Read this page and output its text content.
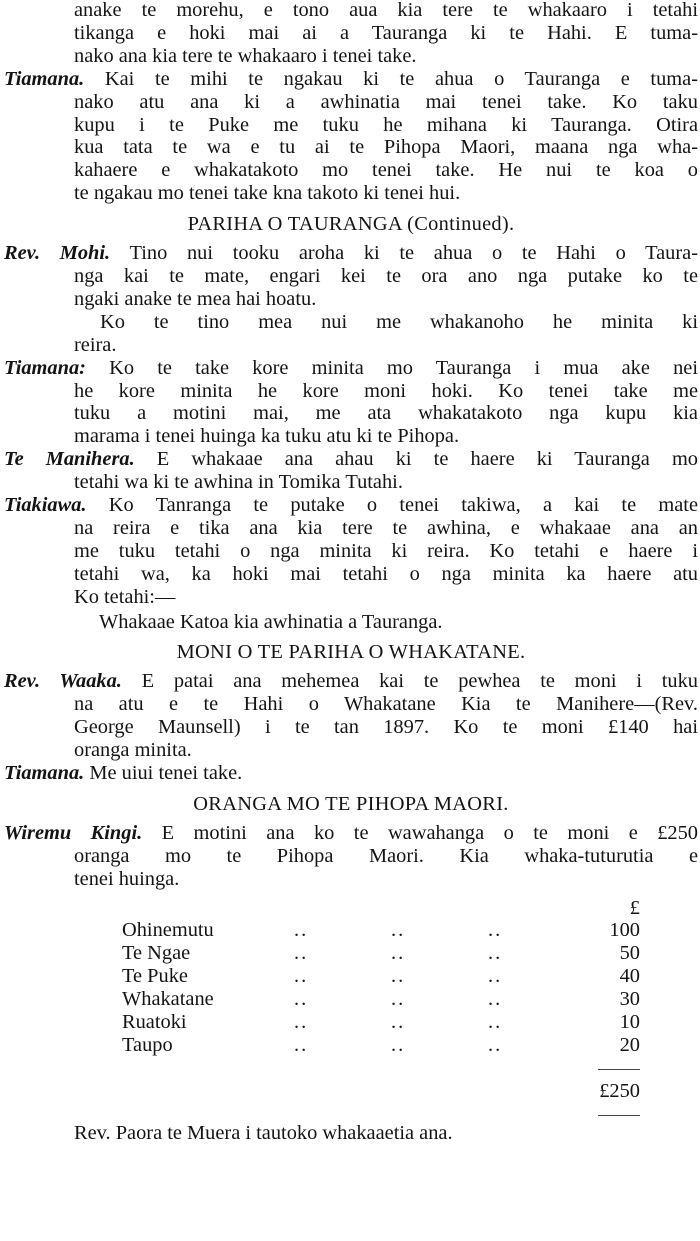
anake te morehu, e tono aua kia tere te whakaaro i tetahi
tikanga e hoki mai ai a Tauranga ki te Hahi. E tuma-
nako ana kia tere te whakaaro i tenei take.
Tiamana. Kai te mihi te ngakau ki te ahua o Tauranga e tuma-
nako atu ana ki a awhinatia mai tenei take. Ko taku
kupu i te Puke me tuku he mihana ki Tauranga. Otira
kua tata te wa e tu ai te Pihopa Maori, maana nga wha-
kahaere e whakatakoto mo tenei take. He nui te koa o
te ngakau mo tenei take kna takoto ki tenei hui.
PARIHA O TAURANGA (Continued).
Rev. Mohi. Tino nui tooku aroha ki te ahua o te Hahi o Taura-
nga kai te mate, engari kei te ora ano nga putake ko te
ngaki anake te mea hai hoatu.
Ko te tino mea nui me whakanoho he minita ki
reira.
Tiamana: Ko te take kore minita mo Tauranga i mua ake nei
he kore minita he kore moni hoki. Ko tenei take me
tuku a motini mai, me ata whakatakoto nga kupu kia
marama i tenei huinga ka tuku atu ki te Pihopa.
Te Manihera. E whakaae ana ahau ki te haere ki Tauranga mo
tetahi wa ki te awhina in Tomika Tutahi.
Tiakiawa. Ko Tanranga te putake o tenei takiwa, a kai te mate
na reira e tika ana kia tere te awhina, e whakaae ana an
me tuku tetahi o nga minita ki reira. Ko tetahi e haere i
tetahi wa, ka hoki mai tetahi o nga minita ka haere atu
Ko tetahi:—
Whakaae Katoa kia awhinatia a Tauranga.
MONI O TE PARIHA O WHAKATANE.
Rev. Waaka. E patai ana mehemea kai te pewhea te moni i tuku
na atu e te Hahi o Whakatane Kia te Manihere—(Rev.
George Maunsell) i te tan 1897. Ko te moni £140 hai
oranga minita.
Tiamana. Me uiui tenei take.
ORANGA MO TE PIHOPA MAORI.
Wiremu Kingi. E motini ana ko te wawahanga o te moni e £250
oranga mo te Pihopa Maori. Kia whaka-tuturutia e
tenei huinga.
				£
Ohinemutu	..	..	..	100
Te Ngae	..	..	..	50
Te Puke	..	..	..	40
Whakatane	..	..	..	30
Ruatoki	..	..	..	10
Taupo	..	..	..	20

				£250
Rev. Paora te Muera i tautoko whakaaetia ana.
